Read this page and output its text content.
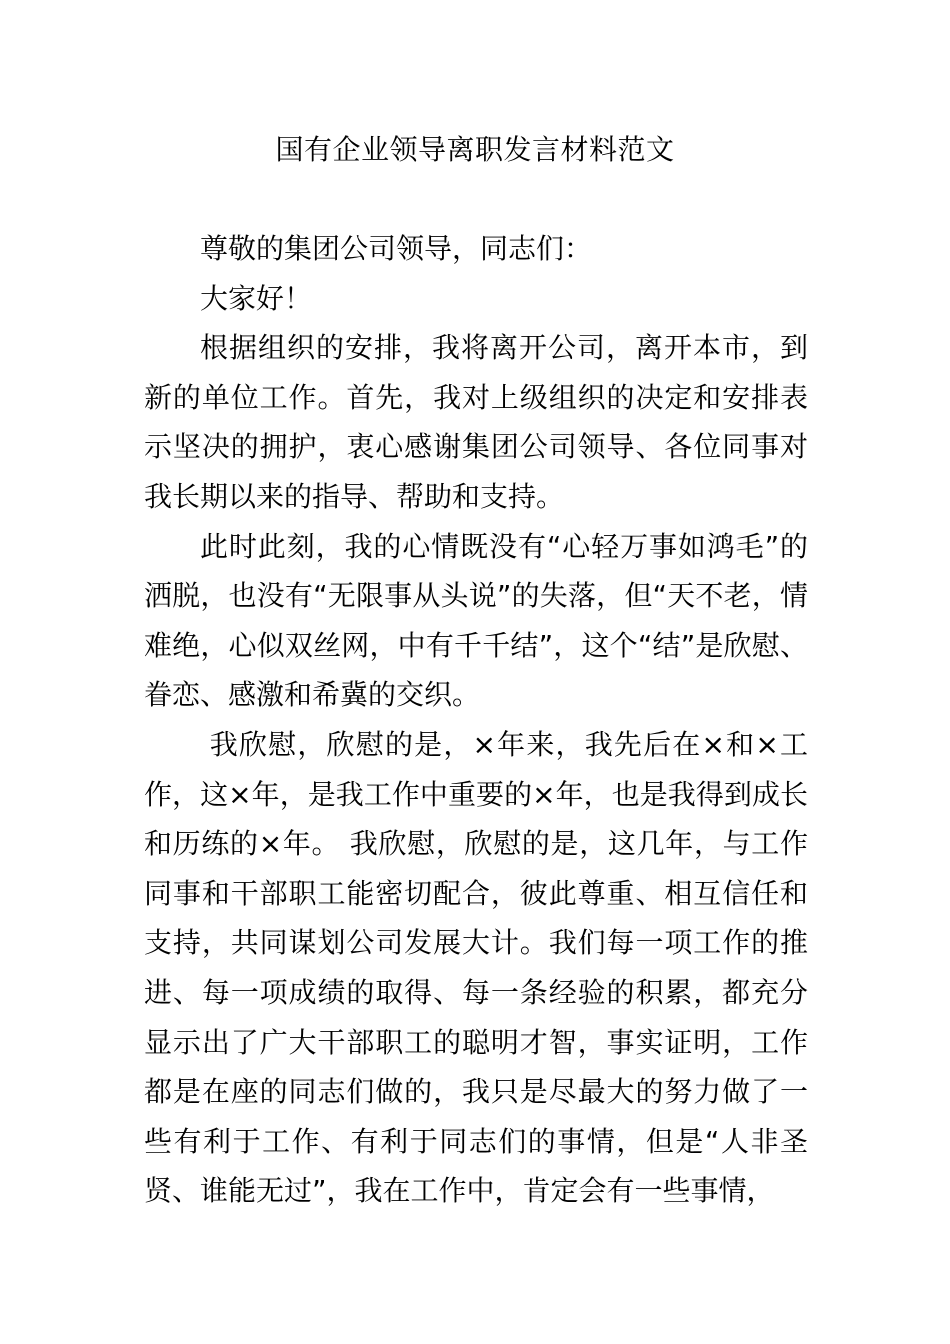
国有企业领导离职发言材料范文

尊敬的集团公司领导，同志们：

大家好！

根据组织的安排，我将离开公司，离开本市，到新的单位工作。首先，我对上级组织的决定和安排表示坚决的拥护，衷心感谢集团公司领导、各位同事对我长期以来的指导、帮助和支持。

此时此刻，我的心情既没有“心轻万事如鸿毛”的洒脱，也没有“无限事从头说”的失落，但“天不老，情难绝，心似双丝网，中有千千结”，这个“结”是欣慰、眷恋、感激和希冀的交织。

我欣慰，欣慰的是，×年来，我先后在×和×工作，这×年，是我工作中重要的×年，也是我得到成长和历练的×年。 我欣慰，欣慰的是，这几年，与工作同事和干部职工能密切配合，彼此尊重、相互信任和支持，共同谋划公司发展大计。我们每一项工作的推进、每一项成绩的取得、每一条经验的积累，都充分显示出了广大干部职工的聪明才智，事实证明，工作都是在座的同志们做的，我只是尽最大的努力做了一些有利于工作、有利于同志们的事情，但是“人非圣贤、谁能无过”，我在工作中，肯定会有一些事情，
